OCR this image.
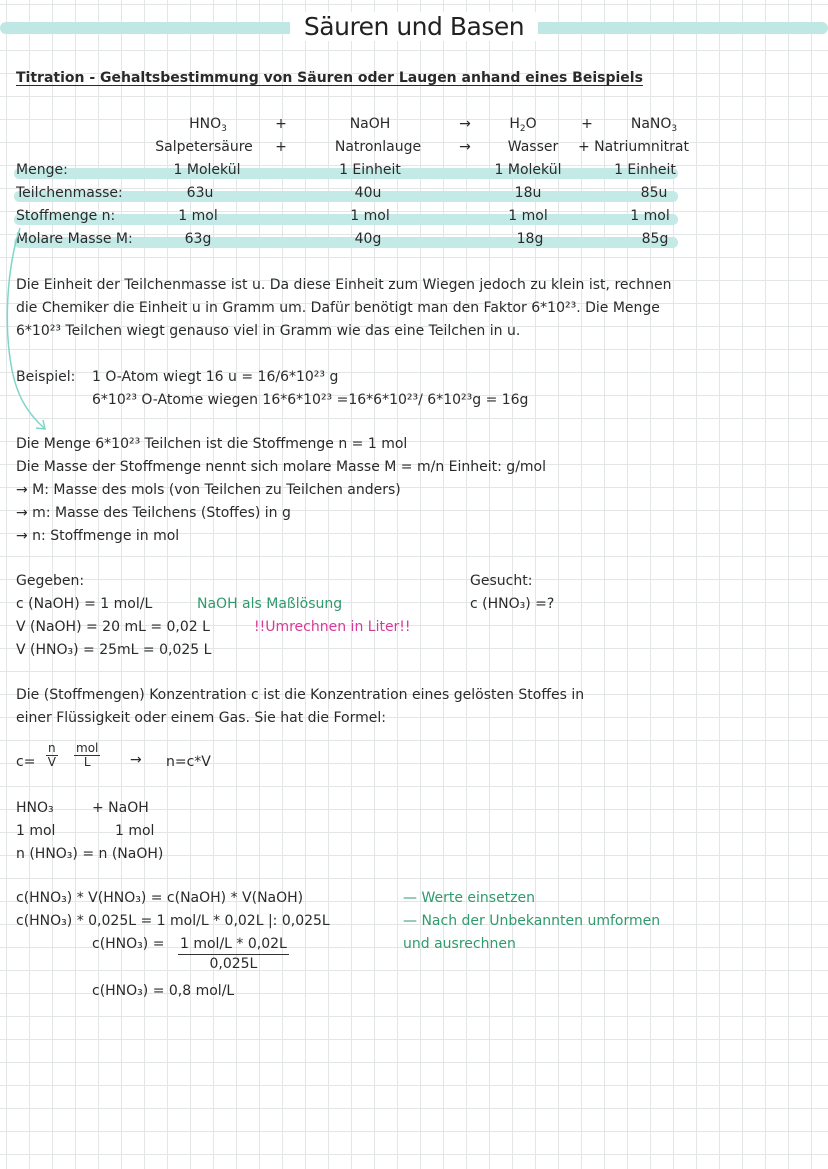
Säuren und Basen
Titration - Gehaltsbestimmung von Säuren oder Laugen anhand eines Beispiels
$HNO_3$	+	NaOH	→	$H_2O$	+	NaNO$_3$
Salpetersäure +	Natronlauge	→	Wasser + Natriumnitrat
Menge:	1 Molekül	1 Einheit	1 Molekül	1 Einheit
Teilchenmasse:	63u	40u	18u	85u
Stoffmenge n:	1 mol	1 mol	1 mol	1 mol
Molare Masse M:	63g	40g	18g	85g
Die Einheit der Teilchenmasse ist u. Da diese Einheit zum Wiegen jedoch zu klein ist, rechnen
die Chemiker die Einheit u in Gramm um. Dafür benötigt man den Faktor 6*10²³. Die Menge
6*10²³ Teilchen wiegt genauso viel in Gramm wie das eine Teilchen in u.
Beispiel: 1 O-Atom wiegt 16 u = 16/6*10²³ g
6*10²³ O-Atome wiegen 16*6*10²³ =16*6*10²³/ 6*10²³g = 16g
Die Menge 6*10²³ Teilchen ist die Stoffmenge n = 1 mol
Die Masse der Stoffmenge nennt sich molare Masse M = m/n Einheit: g/mol
→ M: Masse des mols (von Teilchen zu Teilchen anders)
→ m: Masse des Teilchens (Stoffes) in g
→ n: Stoffmenge in mol
Gegeben:
c (NaOH) = 1 mol/L	NaOH als Maßlösung
V (NaOH) = 20 mL = 0,02 L	!!Umrechnen in Liter!!
V (HNO₃) = 25mL = 0,025 L
Gesucht:
c (HNO₃) =?
Die (Stoffmengen) Konzentration c ist die Konzentration eines gelösten Stoffes in
einer Flüssigkeit oder einem Gas. Sie hat die Formel:
$c= \frac{n}{V}$ mol
L	→ n=c*V
HNO₃	+ NaOH
1 mol	1 mol
n (HNO₃) = n (NaOH)
c(HNO₃) * V(HNO₃) = c(NaOH) * V(NaOH)	— Werte einsetzen
c(HNO₃) * 0,025L = 1 mol/L * 0,02L |: 0,025L	— Nach der Unbekannten umformen
und ausrechnen
c(HNO₃) = 1 mol/L * 0,02L
0,025L
c(HNO₃) = 0,8 mol/L
